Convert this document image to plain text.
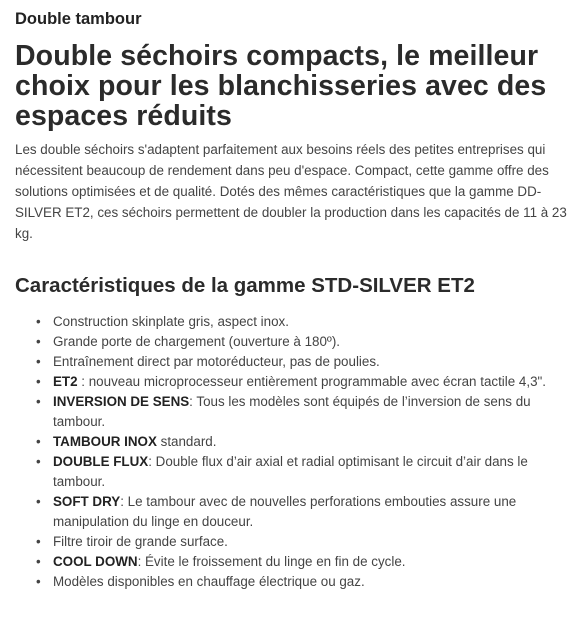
Double tambour

Double séchoirs compacts, le meilleur choix pour les blanchisseries avec des espaces réduits

Les double séchoirs s'adaptent parfaitement aux besoins réels des petites entreprises qui nécessitent beaucoup de rendement dans peu d'espace. Compact, cette gamme offre des solutions optimisées et de qualité. Dotés des mêmes caractéristiques que la gamme DD-SILVER ET2, ces séchoirs permettent de doubler la production dans les capacités de 11 à 23 kg.

Caractéristiques de la gamme STD-SILVER ET2
• Construction skinplate gris, aspect inox.
• Grande porte de chargement (ouverture à 180º).
• Entraînement direct par motoréducteur, pas de poulies.
• ET2 : nouveau microprocesseur entièrement programmable avec écran tactile 4,3".
• INVERSION DE SENS: Tous les modèles sont équipés de l’inversion de sens du tambour.
• TAMBOUR INOX standard.
• DOUBLE FLUX: Double flux d’air axial et radial optimisant le circuit d’air dans le tambour.
• SOFT DRY: Le tambour avec de nouvelles perforations embouties assure une manipulation du linge en douceur.
• Filtre tiroir de grande surface.
• COOL DOWN: Évite le froissement du linge en fin de cycle.
• Modèles disponibles en chauffage électrique ou gaz.
